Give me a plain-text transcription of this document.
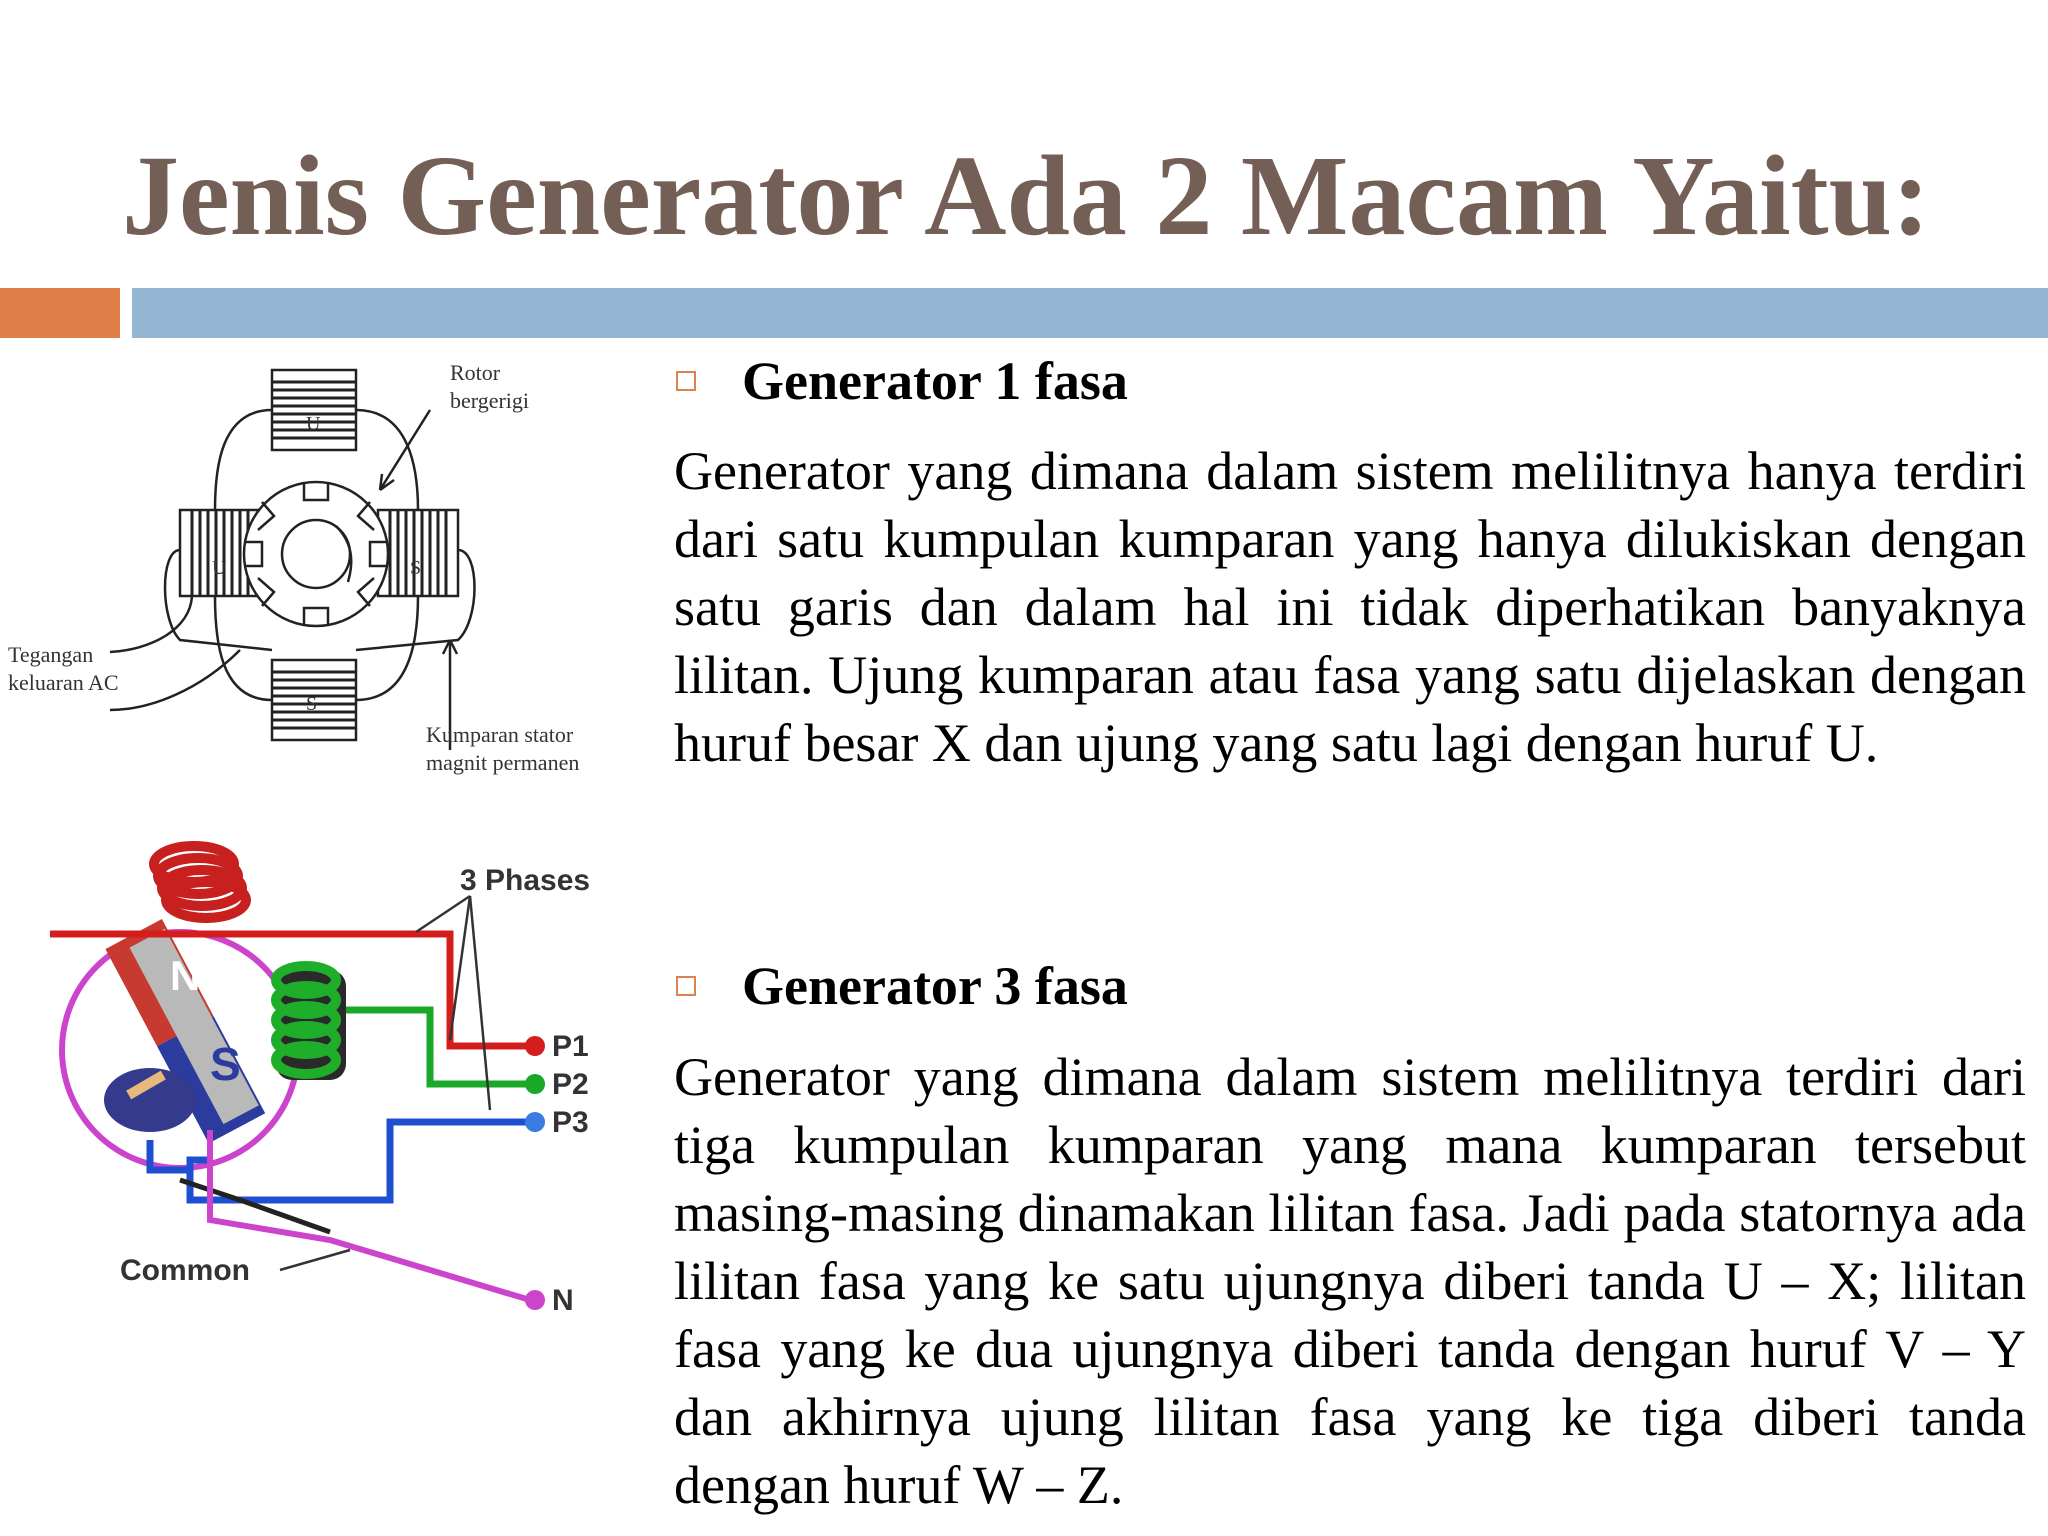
Jenis Generator Ada 2 Macam Yaitu:
Rotor
bergerigi
Tegangan
keluaran AC
Kumparan stator
magnit permanen
U
U	S
S
3 Phases
P1
P2
P3
Common
N
N
S
Generator 1 fasa
Generator yang dimana dalam sistem melilitnya hanya terdiri dari satu kumpulan kumparan yang hanya dilukiskan dengan satu garis dan dalam hal ini tidak diperhatikan banyaknya lilitan. Ujung kumparan atau fasa yang satu dijelaskan dengan huruf besar X dan ujung yang satu lagi dengan huruf U.
Generator 3 fasa
Generator yang dimana dalam sistem melilitnya terdiri dari tiga kumpulan kumparan yang mana kumparan tersebut masing-masing dinamakan lilitan fasa. Jadi pada statornya ada lilitan fasa yang ke satu ujungnya diberi tanda U – X; lilitan fasa yang ke dua ujungnya diberi tanda dengan huruf V – Y dan akhirnya ujung lilitan fasa yang ke tiga diberi tanda dengan huruf W – Z.
